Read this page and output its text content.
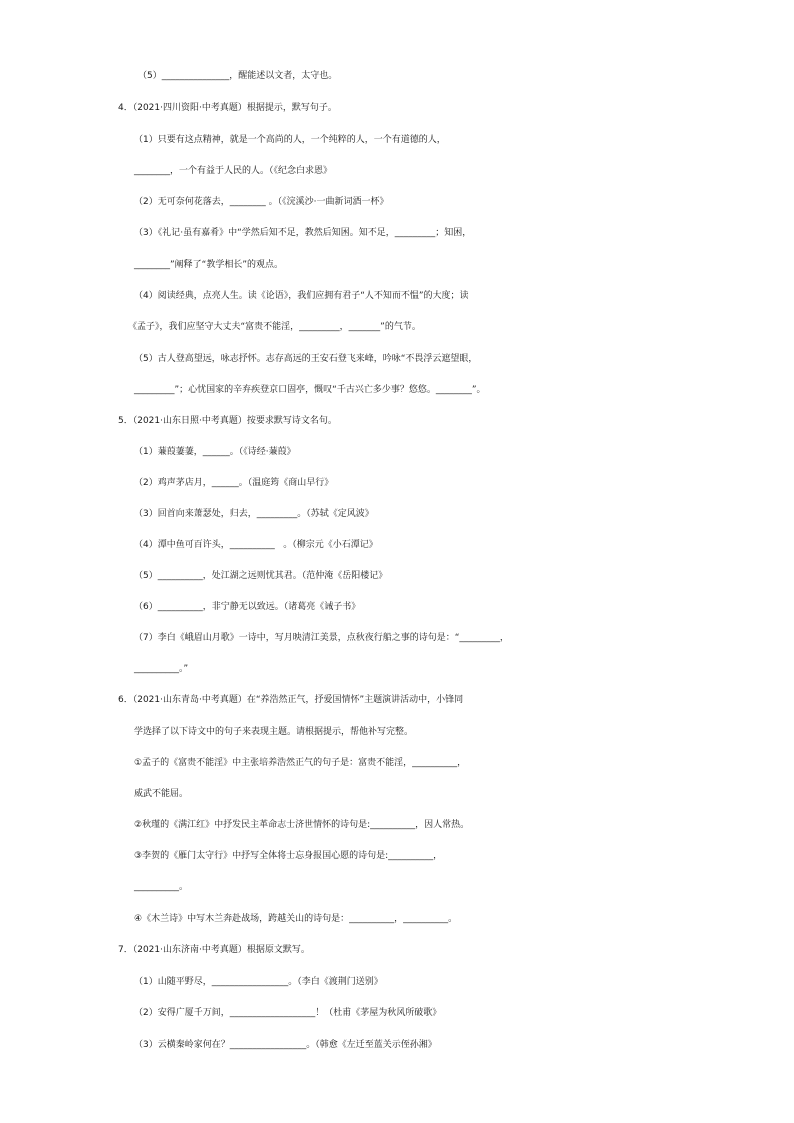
（5）_______________，醒能述以文者，太守也。
4．（2021·四川资阳·中考真题）根据提示，默写句子。
（1）只要有这点精神，就是一个高尚的人，一个纯粹的人，一个有道德的人，
________，一个有益于人民的人。（《纪念白求恩》
（2）无可奈何花落去，________ 。（《浣溪沙·一曲新词酒一杯》
（3）《礼记·虽有嘉肴》中“学然后知不足，教然后知困。知不足，_________；知困，
________”阐释了“教学相长”的观点。
（4）阅读经典，点亮人生。读《论语》，我们应拥有君子“人不知而不愠”的大度；读
《孟子》，我们应坚守大丈夫“富贵不能淫，_________，_______”的气节。
（5）古人登高望远，咏志抒怀。志存高远的王安石登飞来峰，吟咏“不畏浮云遮望眼，
_________”；心忧国家的辛弃疾登京口固亭，慨叹“千古兴亡多少事？悠悠。________”。
5．（2021·山东日照·中考真题）按要求默写诗文名句。
（1）蒹葭萋萋，______。（《诗经·蒹葭》
（2）鸡声茅店月，______。（温庭筠《商山早行》
（3）回首向来萧瑟处，归去，_________。（苏轼《定风波》
（4）潭中鱼可百许头，__________   。（柳宗元《小石潭记》
（5）__________，处江湖之远则忧其君。（范仲淹《岳阳楼记》
（6）__________，非宁静无以致远。（诸葛亮《诫子书》
（7）李白《峨眉山月歌》一诗中，写月映清江美景，点秋夜行船之事的诗句是：“_________，
__________。”
6．（2021·山东青岛·中考真题）在“养浩然正气，抒爱国情怀”主题演讲活动中，小锋同
学选择了以下诗文中的句子来表现主题。请根据提示，帮他补写完整。
①孟子的《富贵不能淫》中主张培养浩然正气的句子是：富贵不能淫，__________，
威武不能屈。
②秋瑾的《满江红》中抒发民主革命志士济世情怀的诗句是:__________，因人常热。
③李贺的《雁门太守行》中抒写全体将士忘身报国心愿的诗句是:__________，
__________。
④《木兰诗》中写木兰奔赴战场，跨越关山的诗句是：__________，__________。
7．（2021·山东济南·中考真题）根据原文默写。
（1）山随平野尽，_________________。（李白《渡荆门送别》
（2）安得广厦千万间，___________________！（杜甫《茅屋为秋风所破歌》
（3）云横秦岭家何在？_________________。（韩愈《左迁至蓝关示侄孙湘》
